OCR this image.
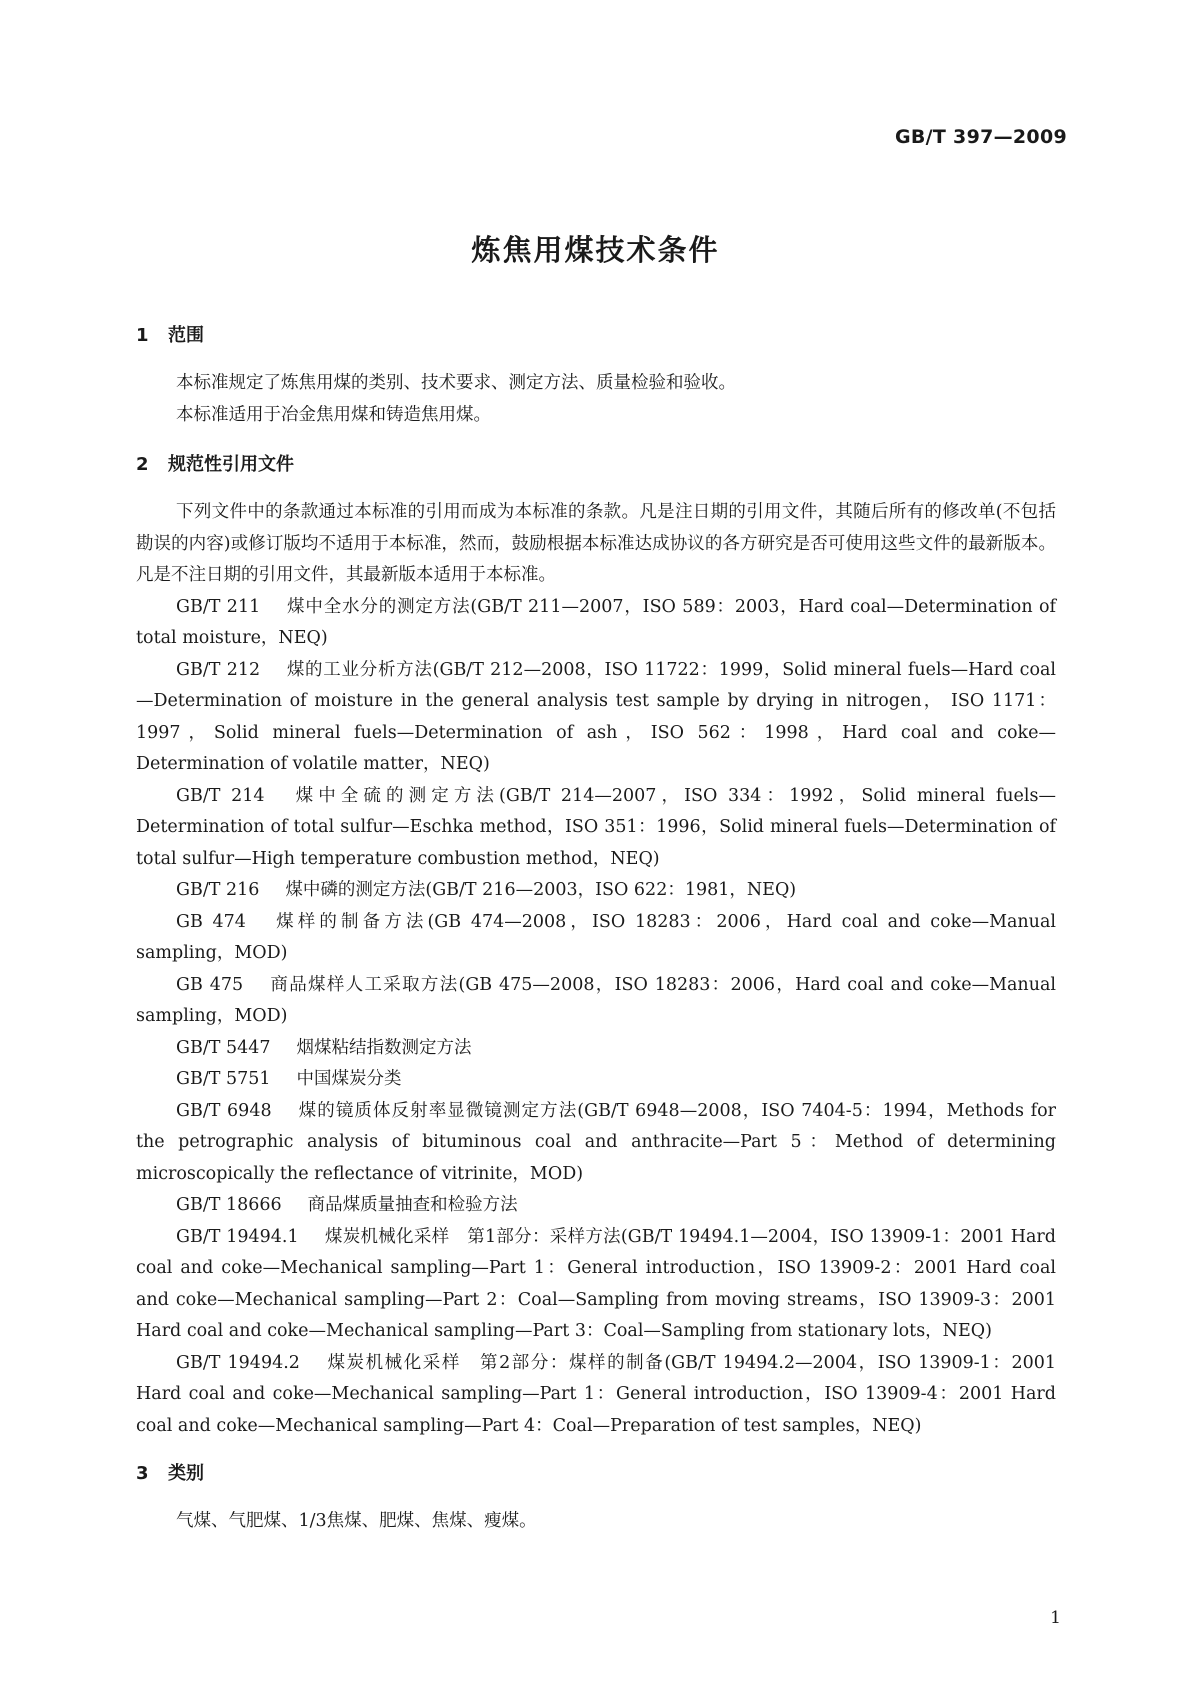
GB/T 397—2009
炼焦用煤技术条件
1 范围

本标准规定了炼焦用煤的类别、技术要求、测定方法、质量检验和验收。

本标准适用于冶金焦用煤和铸造焦用煤。

2 规范性引用文件

下列文件中的条款通过本标准的引用而成为本标准的条款。凡是注日期的引用文件，其随后所有的修改单(不包括勘误的内容)或修订版均不适用于本标准，然而，鼓励根据本标准达成协议的各方研究是否可使用这些文件的最新版本。凡是不注日期的引用文件，其最新版本适用于本标准。

GB/T 211 煤中全水分的测定方法(GB/T 211—2007，ISO 589：2003，Hard coal—Determination of total moisture，NEQ)
GB/T 212 煤的工业分析方法(GB/T 212—2008，ISO 11722：1999，Solid mineral fuels—Hard coal—Determination of moisture in the general analysis test sample by drying in nitrogen， ISO 1171：1997，Solid mineral fuels—Determination of ash，ISO 562：1998，Hard coal and coke—Determination of volatile matter，NEQ)
GB/T 214 煤中全硫的测定方法(GB/T 214—2007，ISO 334：1992，Solid mineral fuels—Determination of total sulfur—Eschka method，ISO 351：1996，Solid mineral fuels—Determination of total sulfur—High temperature combustion method，NEQ)
GB/T 216 煤中磷的测定方法(GB/T 216—2003，ISO 622：1981，NEQ)
GB 474 煤样的制备方法(GB 474—2008，ISO 18283：2006，Hard coal and coke—Manual sampling，MOD)
GB 475 商品煤样人工采取方法(GB 475—2008，ISO 18283：2006，Hard coal and coke—Manual sampling，MOD)
GB/T 5447 烟煤粘结指数测定方法
GB/T 5751 中国煤炭分类
GB/T 6948 煤的镜质体反射率显微镜测定方法(GB/T 6948—2008，ISO 7404-5：1994，Methods for the petrographic analysis of bituminous coal and anthracite—Part 5：Method of determining microscopically the reflectance of vitrinite，MOD)
GB/T 18666 商品煤质量抽查和检验方法
GB/T 19494.1 煤炭机械化采样　第1部分：采样方法(GB/T 19494.1—2004，ISO 13909-1：2001 Hard coal and coke—Mechanical sampling—Part 1：General introduction，ISO 13909-2：2001 Hard coal and coke—Mechanical sampling—Part 2：Coal—Sampling from moving streams，ISO 13909-3：2001 Hard coal and coke—Mechanical sampling—Part 3：Coal—Sampling from stationary lots，NEQ)
GB/T 19494.2 煤炭机械化采样　第2部分：煤样的制备(GB/T 19494.2—2004，ISO 13909-1：2001 Hard coal and coke—Mechanical sampling—Part 1：General introduction，ISO 13909-4：2001 Hard coal and coke—Mechanical sampling—Part 4：Coal—Preparation of test samples，NEQ)
3 类别

气煤、气肥煤、1/3焦煤、肥煤、焦煤、瘦煤。

1
